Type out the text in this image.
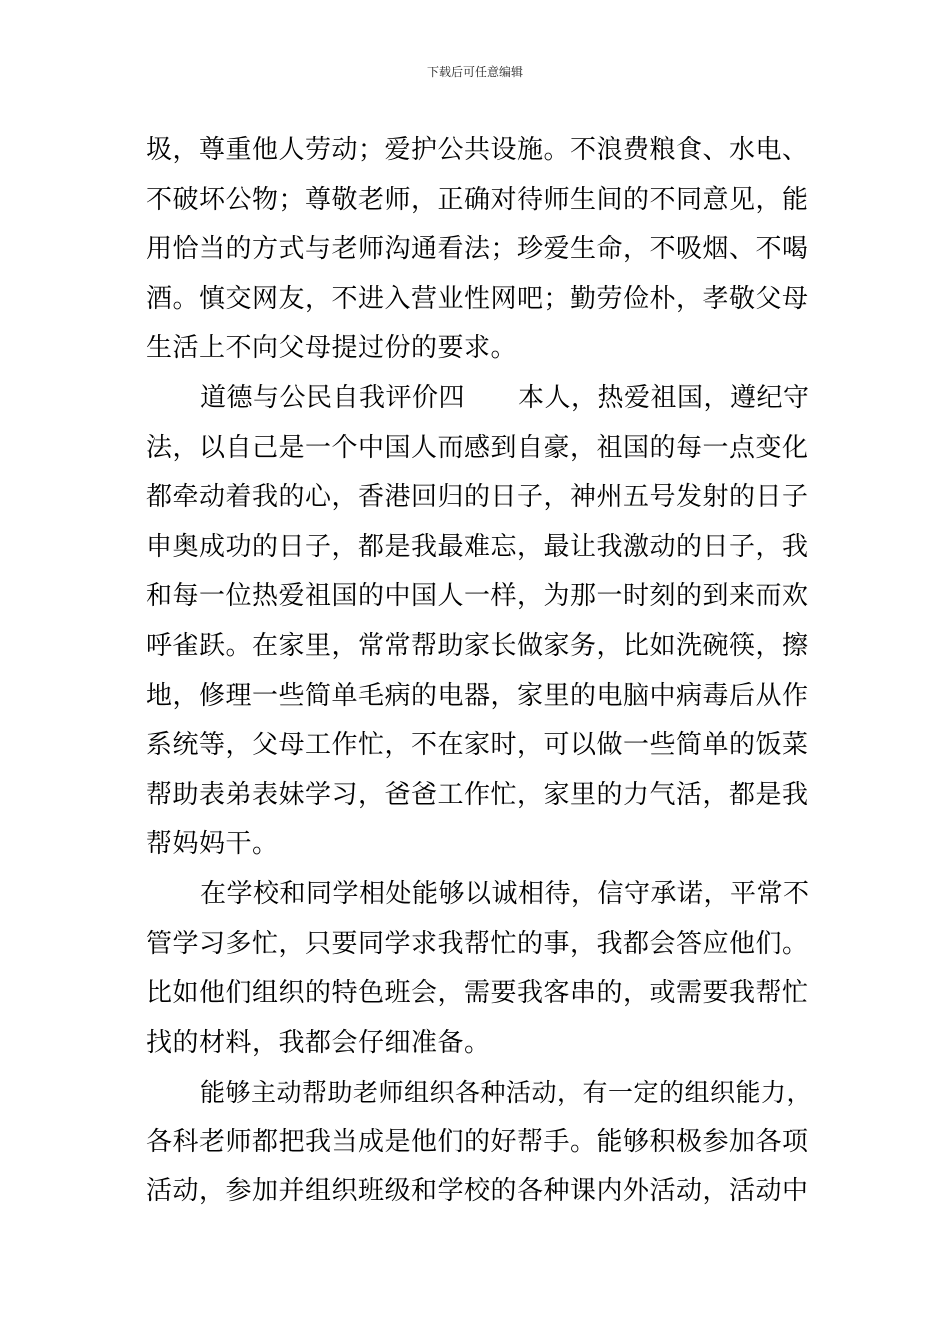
下载后可任意编辑
圾，尊重他人劳动；爱护公共设施。不浪费粮食、水电、
不破坏公物；尊敬老师，正确对待师生间的不同意见，能
用恰当的方式与老师沟通看法；珍爱生命，不吸烟、不喝
酒。慎交网友，不进入营业性网吧；勤劳俭朴，孝敬父母
生活上不向父母提过份的要求。
道德与公民自我评价四　　本人，热爱祖国，遵纪守
法，以自己是一个中国人而感到自豪，祖国的每一点变化
都牵动着我的心，香港回归的日子，神州五号发射的日子
申奥成功的日子，都是我最难忘，最让我激动的日子，我
和每一位热爱祖国的中国人一样，为那一时刻的到来而欢
呼雀跃。在家里，常常帮助家长做家务，比如洗碗筷，擦
地，修理一些简单毛病的电器，家里的电脑中病毒后从作
系统等，父母工作忙，不在家时，可以做一些简单的饭菜
帮助表弟表妹学习，爸爸工作忙，家里的力气活，都是我
帮妈妈干。
在学校和同学相处能够以诚相待，信守承诺，平常不
管学习多忙，只要同学求我帮忙的事，我都会答应他们。
比如他们组织的特色班会，需要我客串的，或需要我帮忙
找的材料，我都会仔细准备。
能够主动帮助老师组织各种活动，有一定的组织能力，
各科老师都把我当成是他们的好帮手。能够积极参加各项
活动，参加并组织班级和学校的各种课内外活动，活动中
